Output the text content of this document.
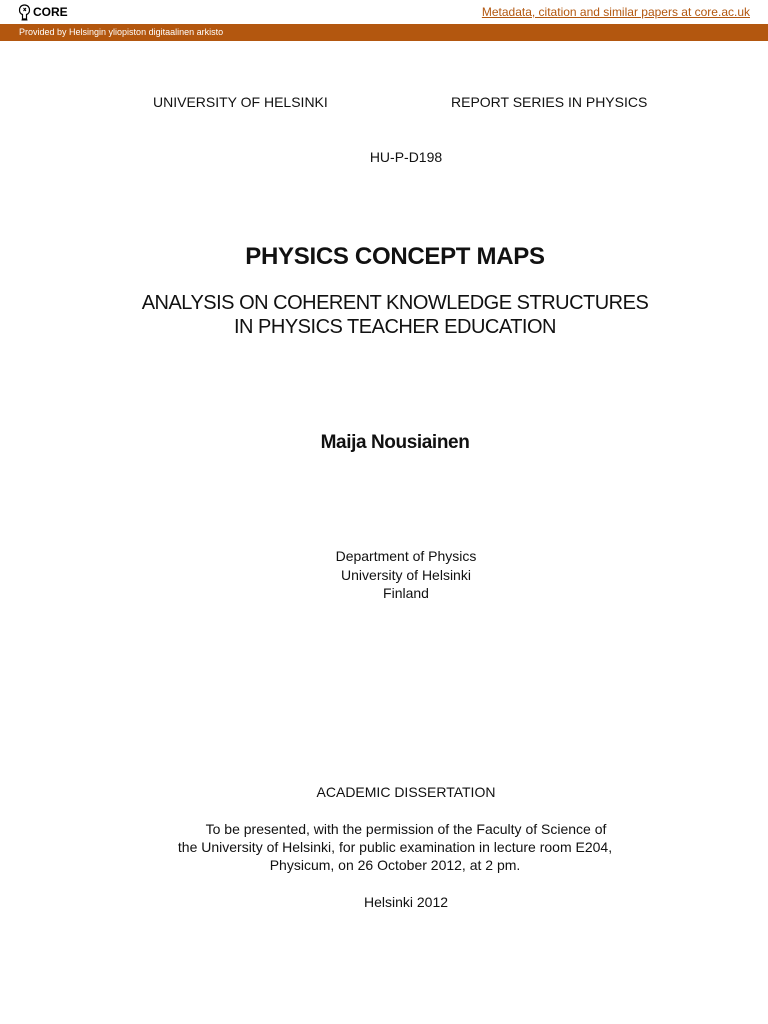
CORE	Metadata, citation and similar papers at core.ac.uk
Provided by Helsingin yliopiston digitaalinen arkisto
UNIVERSITY OF HELSINKI	REPORT SERIES IN PHYSICS
HU-P-D198
PHYSICS CONCEPT MAPS
ANALYSIS ON COHERENT KNOWLEDGE STRUCTURES
IN PHYSICS TEACHER EDUCATION
Maija Nousiainen
Department of Physics
University of Helsinki
Finland
ACADEMIC DISSERTATION
To be presented, with the permission of the Faculty of Science of
the University of Helsinki, for public examination in lecture room E204,
Physicum, on 26 October 2012, at 2 pm.
Helsinki 2012
